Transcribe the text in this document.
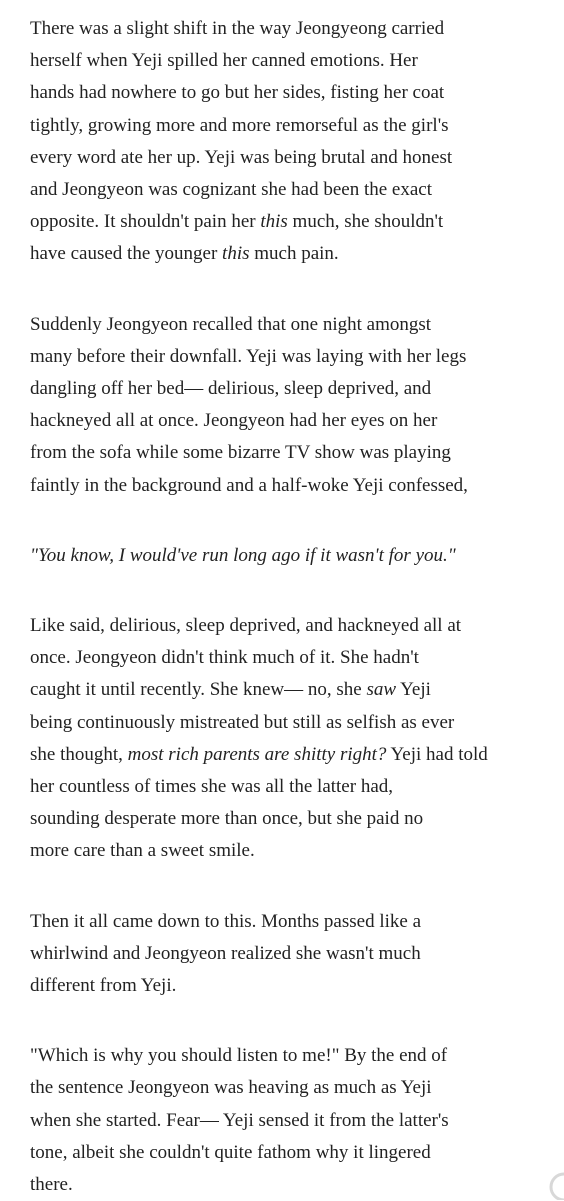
There was a slight shift in the way Jeongyeong carried
herself when Yeji spilled her canned emotions. Her
hands had nowhere to go but her sides, fisting her coat
tightly, growing more and more remorseful as the girl's
every word ate her up. Yeji was being brutal and honest
and Jeongyeon was cognizant she had been the exact
opposite. It shouldn't pain her this much, she shouldn't
have caused the younger this much pain.

Suddenly Jeongyeon recalled that one night amongst
many before their downfall. Yeji was laying with her legs
dangling off her bed— delirious, sleep deprived, and
hackneyed all at once. Jeongyeon had her eyes on her
from the sofa while some bizarre TV show was playing
faintly in the background and a half-woke Yeji confessed,

"You know, I would've run long ago if it wasn't for you."

Like said, delirious, sleep deprived, and hackneyed all at
once. Jeongyeon didn't think much of it. She hadn't
caught it until recently. She knew— no, she saw Yeji
being continuously mistreated but still as selfish as ever
she thought, most rich parents are shitty right? Yeji had told
her countless of times she was all the latter had,
sounding desperate more than once, but she paid no
more care than a sweet smile.

Then it all came down to this. Months passed like a
whirlwind and Jeongyeon realized she wasn't much
different from Yeji.

"Which is why you should listen to me!" By the end of
the sentence Jeongyeon was heaving as much as Yeji
when she started. Fear— Yeji sensed it from the latter's
tone, albeit she couldn't quite fathom why it lingered
there.
